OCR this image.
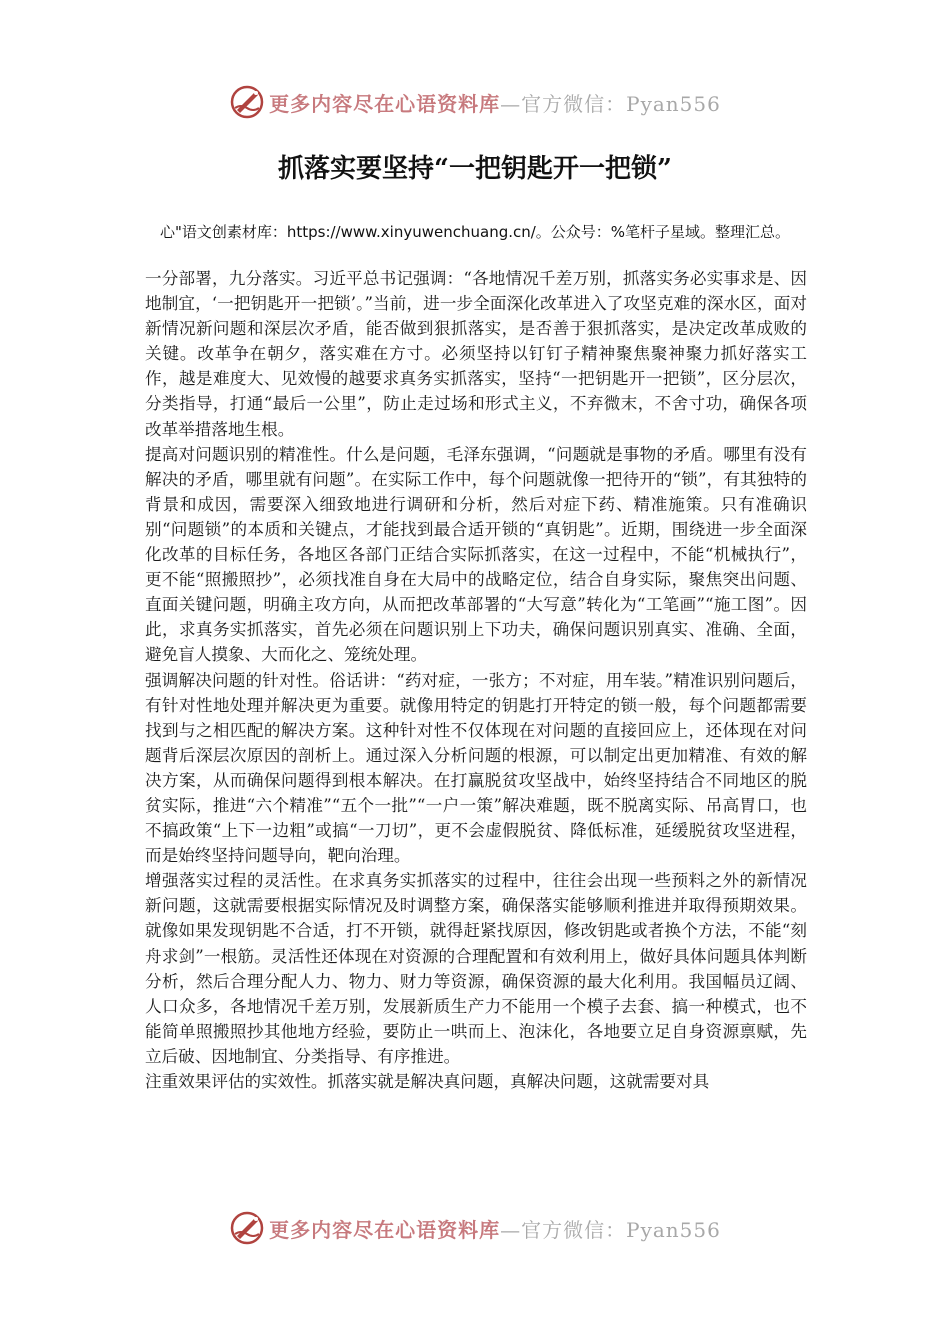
更多内容尽在心语资料库—官方微信：Pyan556
抓落实要坚持“一把钥匙开一把锁”
心"语文创素材库：https://www.xinyuwenchuang.cn/。公众号：%笔杆子星域。整理汇总。

一分部署，九分落实。习近平总书记强调：“各地情况千差万别，抓落实务必实事求是、因地制宜，‘一把钥匙开一把锁’。”当前，进一步全面深化改革进入了攻坚克难的深水区，面对新情况新问题和深层次矛盾，能否做到狠抓落实，是否善于狠抓落实，是决定改革成败的关键。改革争在朝夕，落实难在方寸。必须坚持以钉钉子精神聚焦聚神聚力抓好落实工作，越是难度大、见效慢的越要求真务实抓落实，坚持“一把钥匙开一把锁”，区分层次，分类指导，打通“最后一公里”，防止走过场和形式主义，不弃微末，不舍寸功，确保各项改革举措落地生根。

提高对问题识别的精准性。什么是问题，毛泽东强调，“问题就是事物的矛盾。哪里有没有解决的矛盾，哪里就有问题”。在实际工作中，每个问题就像一把待开的“锁”，有其独特的背景和成因，需要深入细致地进行调研和分析，然后对症下药、精准施策。只有准确识别“问题锁”的本质和关键点，才能找到最合适开锁的“真钥匙”。近期，围绕进一步全面深化改革的目标任务，各地区各部门正结合实际抓落实，在这一过程中，不能“机械执行”，更不能“照搬照抄”，必须找准自身在大局中的战略定位，结合自身实际，聚焦突出问题、直面关键问题，明确主攻方向，从而把改革部署的“大写意”转化为“工笔画”“施工图”。因此，求真务实抓落实，首先必须在问题识别上下功夫，确保问题识别真实、准确、全面，避免盲人摸象、大而化之、笼统处理。

强调解决问题的针对性。俗话讲：“药对症，一张方；不对症，用车装。”精准识别问题后，有针对性地处理并解决更为重要。就像用特定的钥匙打开特定的锁一般，每个问题都需要找到与之相匹配的解决方案。这种针对性不仅体现在对问题的直接回应上，还体现在对问题背后深层次原因的剖析上。通过深入分析问题的根源，可以制定出更加精准、有效的解决方案，从而确保问题得到根本解决。在打赢脱贫攻坚战中，始终坚持结合不同地区的脱贫实际，推进“六个精准”“五个一批”“一户一策”解决难题，既不脱离实际、吊高胃口，也不搞政策“上下一边粗”或搞“一刀切”，更不会虚假脱贫、降低标准，延缓脱贫攻坚进程，而是始终坚持问题导向，靶向治理。

增强落实过程的灵活性。在求真务实抓落实的过程中，往往会出现一些预料之外的新情况新问题，这就需要根据实际情况及时调整方案，确保落实能够顺利推进并取得预期效果。就像如果发现钥匙不合适，打不开锁，就得赶紧找原因，修改钥匙或者换个方法，不能“刻舟求剑”一根筋。灵活性还体现在对资源的合理配置和有效利用上，做好具体问题具体判断分析，然后合理分配人力、物力、财力等资源，确保资源的最大化利用。我国幅员辽阔、人口众多，各地情况千差万别，发展新质生产力不能用一个模子去套、搞一种模式，也不能简单照搬照抄其他地方经验，要防止一哄而上、泡沫化，各地要立足自身资源禀赋，先立后破、因地制宜、分类指导、有序推进。

注重效果评估的实效性。抓落实就是解决真问题，真解决问题，这就需要对具

更多内容尽在心语资料库—官方微信：Pyan556
